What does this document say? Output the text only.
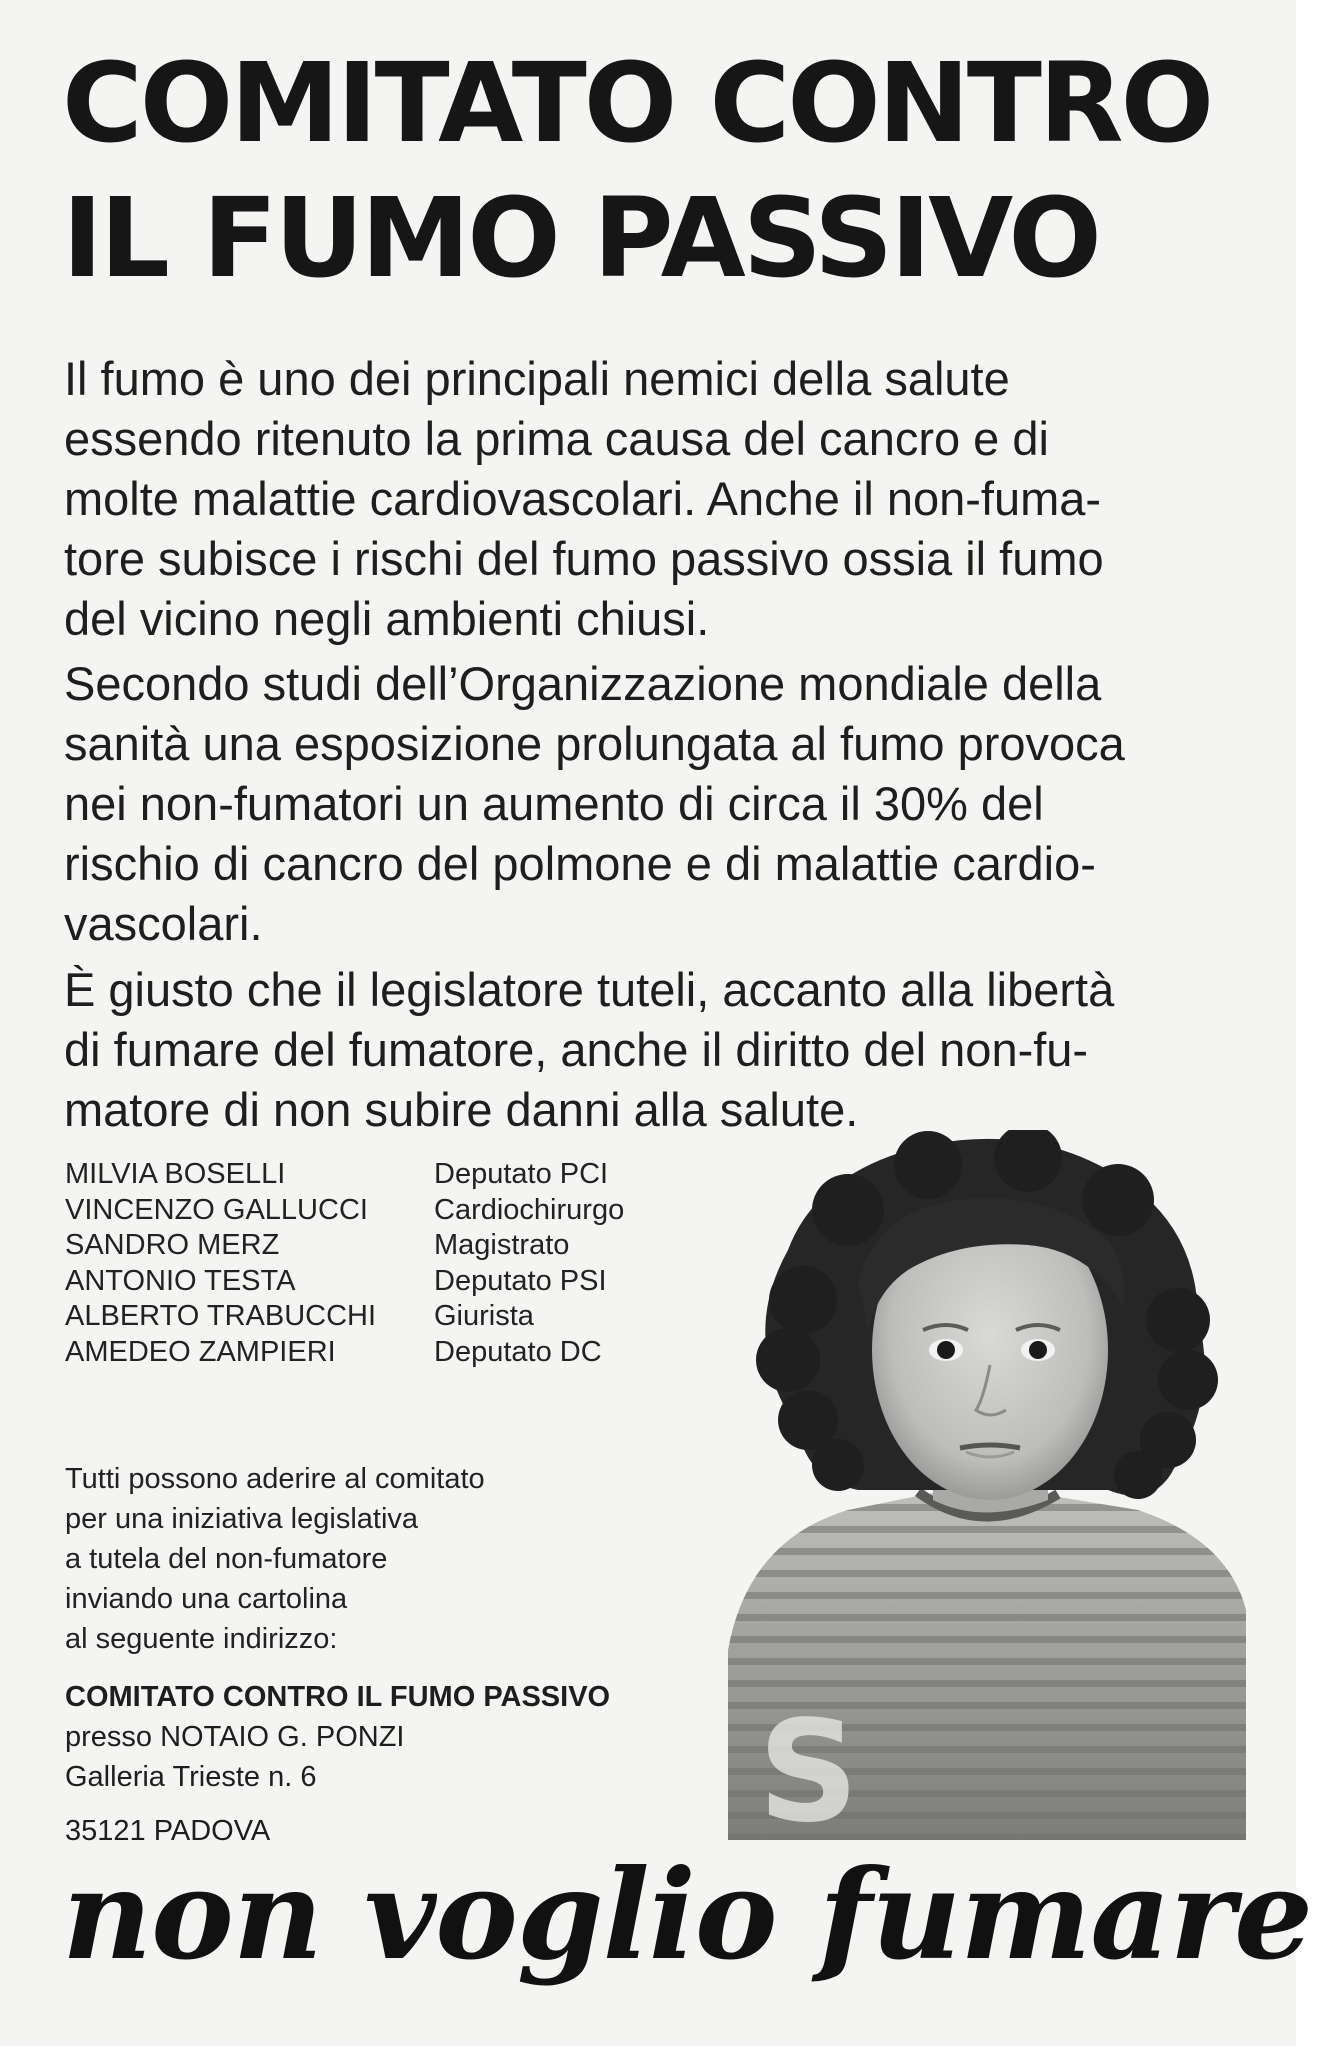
COMITATO CONTRO
IL FUMO PASSIVO

Il fumo è uno dei principali nemici della salute
essendo ritenuto la prima causa del cancro e di
molte malattie cardiovascolari. Anche il non-fuma-
tore subisce i rischi del fumo passivo ossia il fumo
del vicino negli ambienti chiusi.

Secondo studi dell’Organizzazione mondiale della
sanità una esposizione prolungata al fumo provoca
nei non-fumatori un aumento di circa il 30% del
rischio di cancro del polmone e di malattie cardio-
vascolari.

È giusto che il legislatore tuteli, accanto alla libertà
di fumare del fumatore, anche il diritto del non-fu-
matore di non subire danni alla salute.

MILVIA BOSELLI	Deputato PCI
VINCENZO GALLUCCI Cardiochirurgo
SANDRO MERZ	Magistrato
ANTONIO TESTA	Deputato PSI
ALBERTO TRABUCCHI Giurista
AMEDEO ZAMPIERI	Deputato DC

Tutti possono aderire al comitato
per una iniziativa legislativa
a tutela del non-fumatore
inviando una cartolina
al seguente indirizzo:

COMITATO CONTRO IL FUMO PASSIVO
presso NOTAIO G. PONZI
Galleria Trieste n. 6
35121 PADOVA	S

non voglio fumare
